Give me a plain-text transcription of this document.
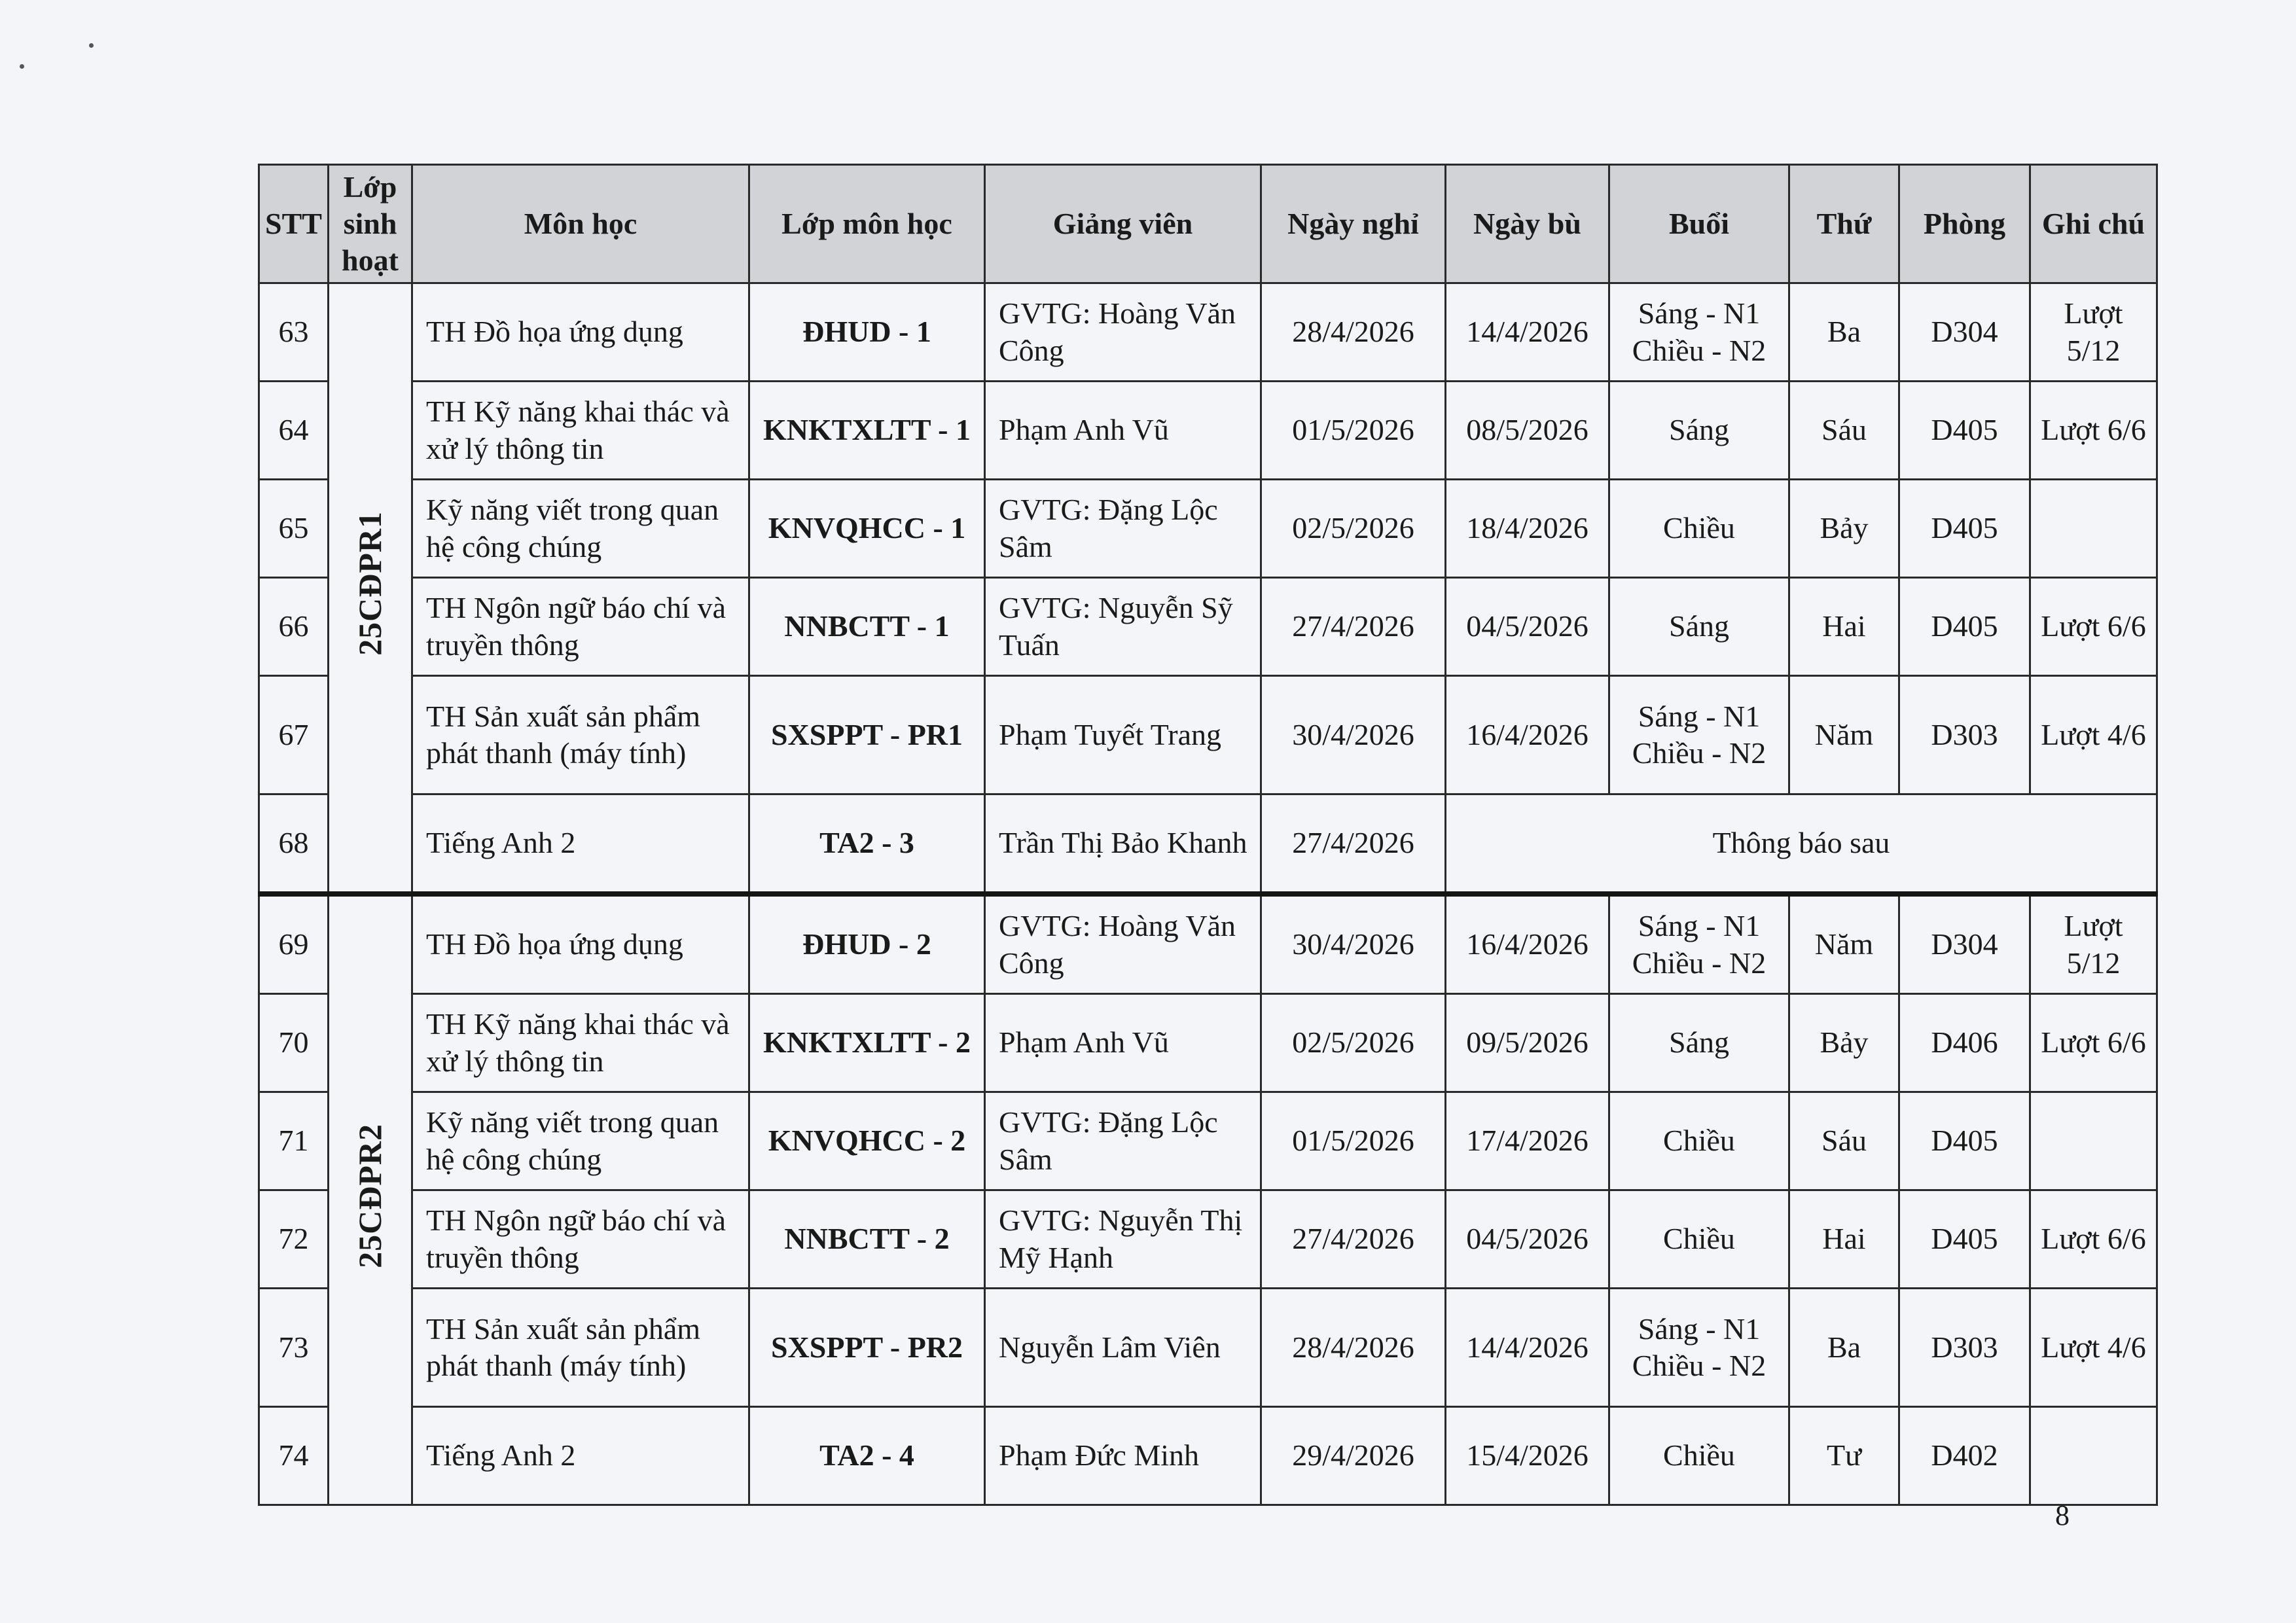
STT	Lớp sinh hoạt	Môn học	Lớp môn học	Giảng viên	Ngày nghỉ	Ngày bù	Buổi	Thứ	Phòng	Ghi chú
63	25CĐPR1	TH Đồ họa ứng dụng	ĐHUD - 1	GVTG: Hoàng Văn Công	28/4/2026	14/4/2026	Sáng - N1 Chiều - N2	Ba	D304	Lượt 5/12
64		TH Kỹ năng khai thác và xử lý thông tin	KNKTXLTT - 1	Phạm Anh Vũ	01/5/2026	08/5/2026	Sáng	Sáu	D405	Lượt 6/6
65		Kỹ năng viết trong quan hệ công chúng	KNVQHCC - 1	GVTG: Đặng Lộc Sâm	02/5/2026	18/4/2026	Chiều	Bảy	D405	
66		TH Ngôn ngữ báo chí và truyền thông	NNBCTT - 1	GVTG: Nguyễn Sỹ Tuấn	27/4/2026	04/5/2026	Sáng	Hai	D405	Lượt 6/6
67		TH Sản xuất sản phẩm phát thanh (máy tính)	SXSPPT - PR1	Phạm Tuyết Trang	30/4/2026	16/4/2026	Sáng - N1 Chiều - N2	Năm	D303	Lượt 4/6
68		Tiếng Anh 2	TA2 - 3	Trần Thị Bảo Khanh	27/4/2026	Thông báo sau				
69	25CĐPR2	TH Đồ họa ứng dụng	ĐHUD - 2	GVTG: Hoàng Văn Công	30/4/2026	16/4/2026	Sáng - N1 Chiều - N2	Năm	D304	Lượt 5/12
70		TH Kỹ năng khai thác và xử lý thông tin	KNKTXLTT - 2	Phạm Anh Vũ	02/5/2026	09/5/2026	Sáng	Bảy	D406	Lượt 6/6
71		Kỹ năng viết trong quan hệ công chúng	KNVQHCC - 2	GVTG: Đặng Lộc Sâm	01/5/2026	17/4/2026	Chiều	Sáu	D405	
72		TH Ngôn ngữ báo chí và truyền thông	NNBCTT - 2	GVTG: Nguyễn Thị Mỹ Hạnh	27/4/2026	04/5/2026	Chiều	Hai	D405	Lượt 6/6
73		TH Sản xuất sản phẩm phát thanh (máy tính)	SXSPPT - PR2	Nguyễn Lâm Viên	28/4/2026	14/4/2026	Sáng - N1 Chiều - N2	Ba	D303	Lượt 4/6
74		Tiếng Anh 2	TA2 - 4	Phạm Đức Minh	29/4/2026	15/4/2026	Chiều	Tư	D402	
8
